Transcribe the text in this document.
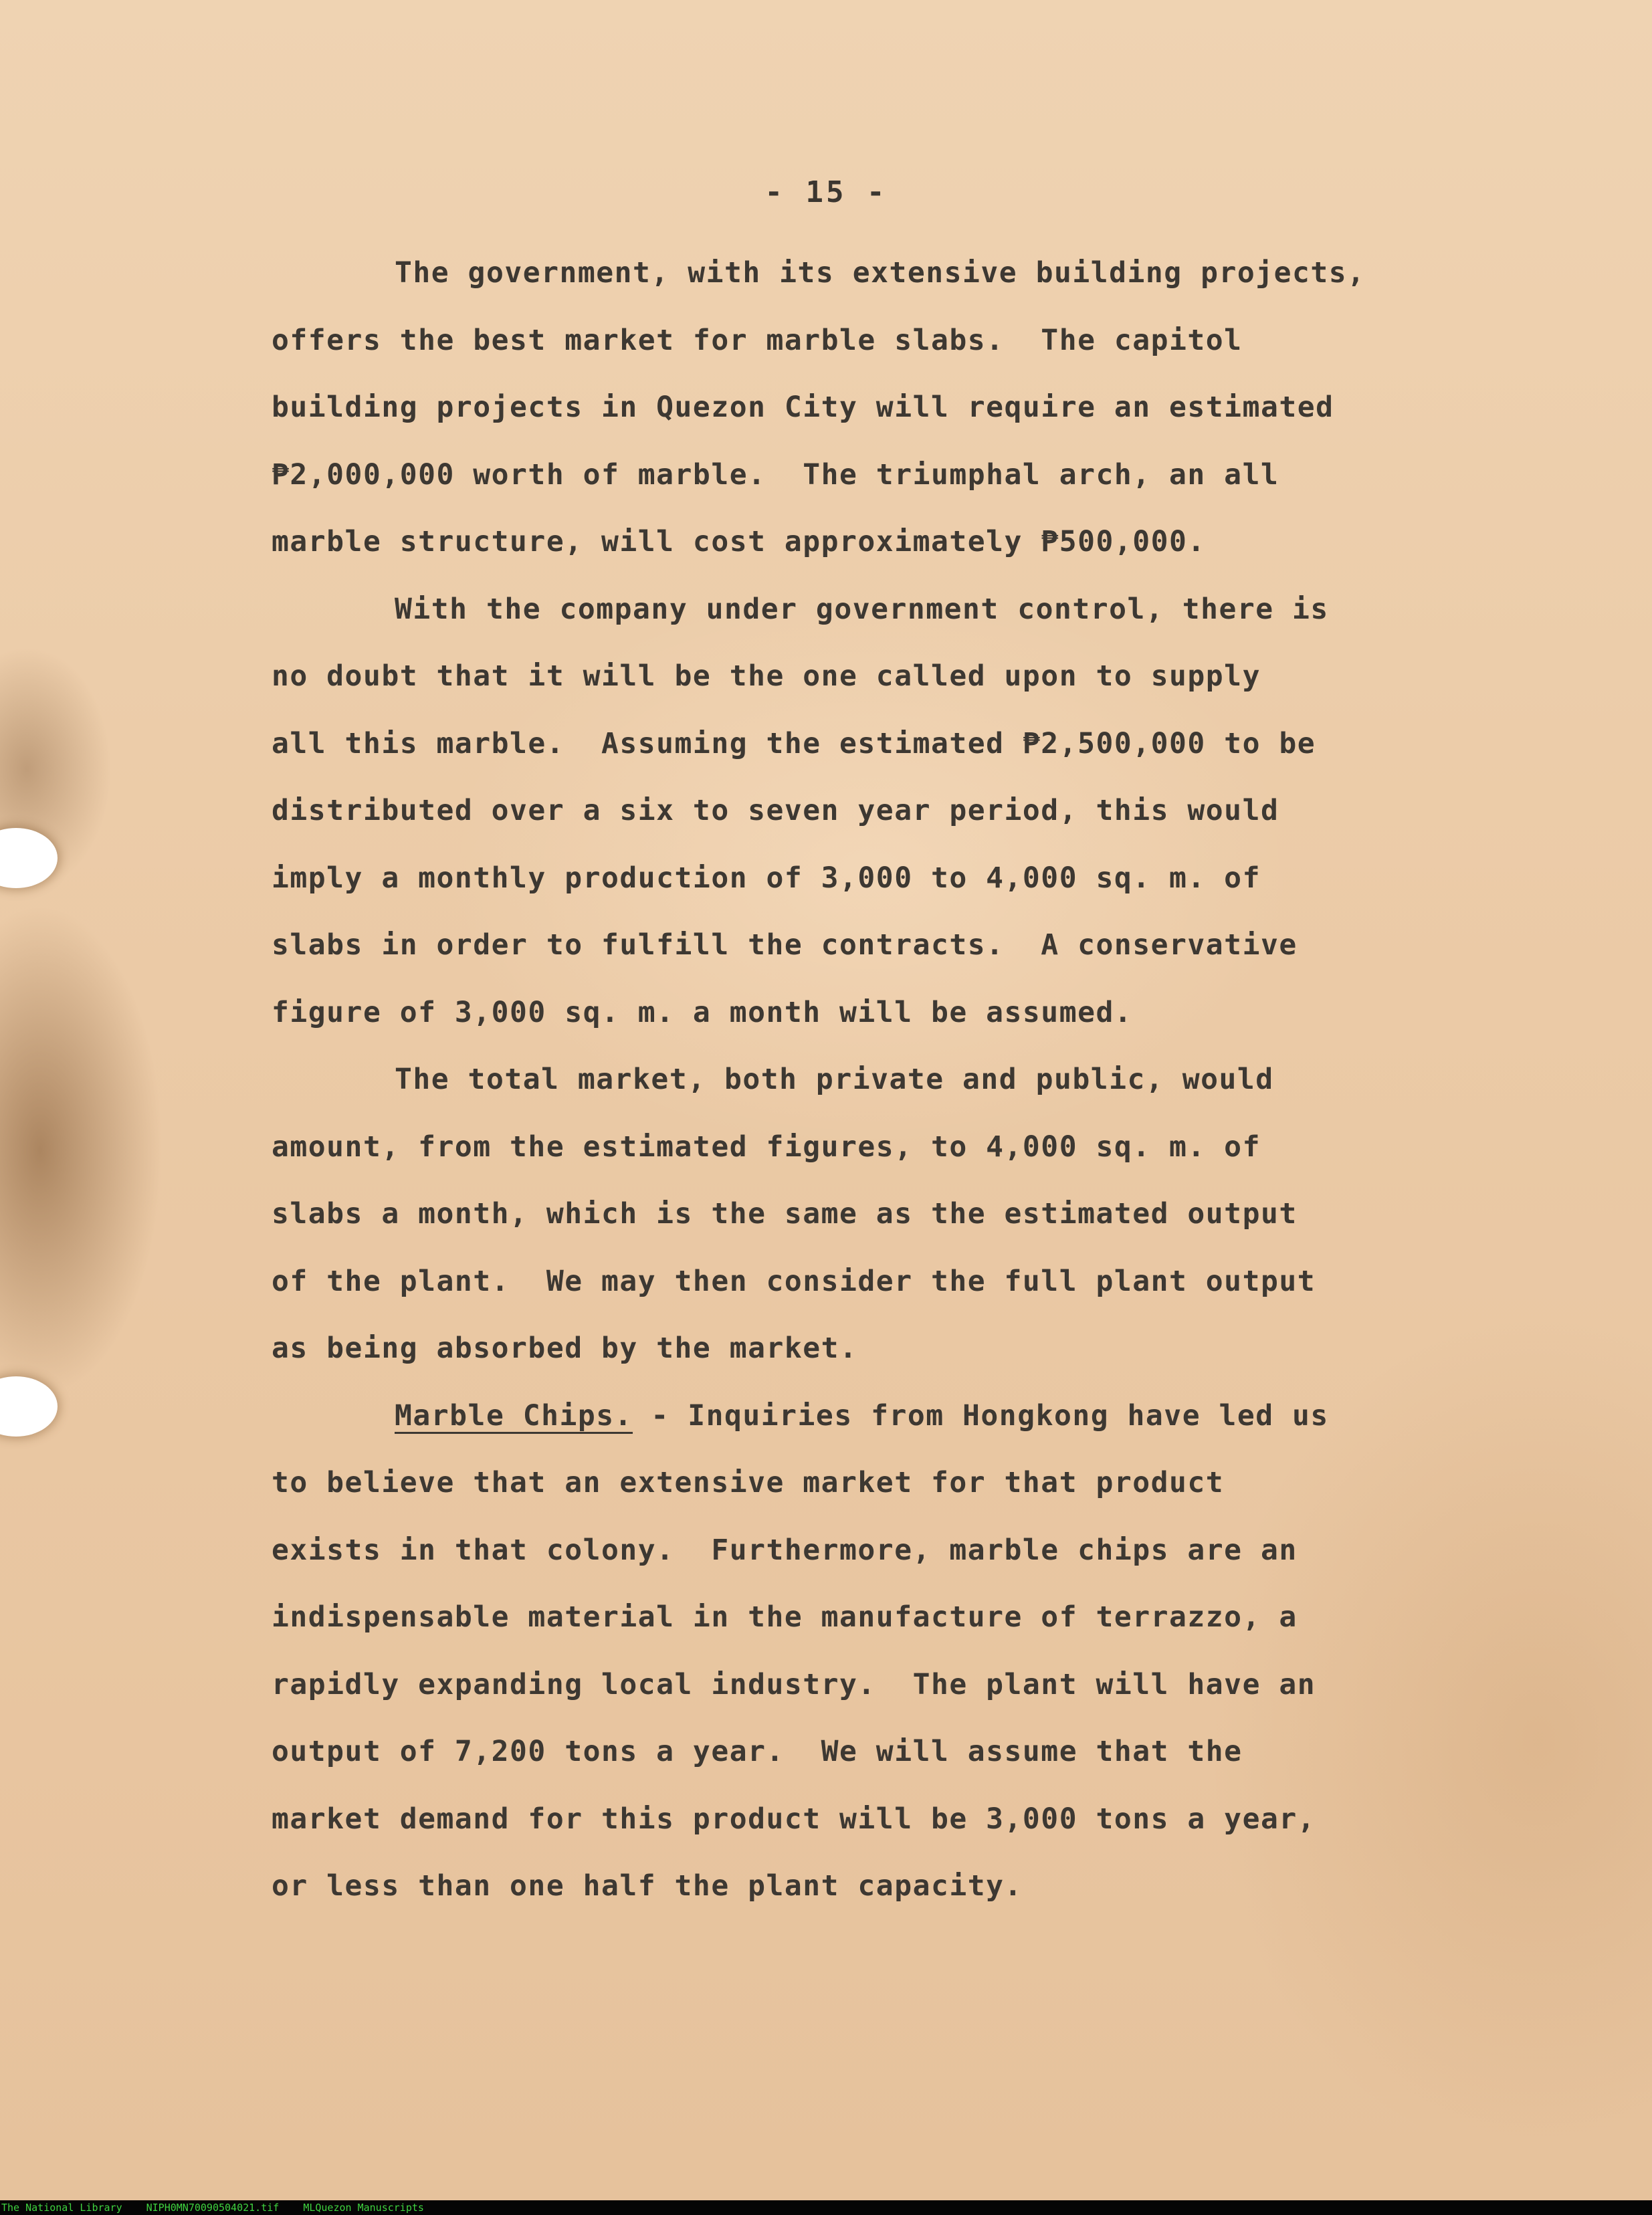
- 15 -
The government, with its extensive building projects,
offers the best market for marble slabs.  The capitol
building projects in Quezon City will require an estimated
₱2,000,000 worth of marble.  The triumphal arch, an all
marble structure, will cost approximately ₱500,000.
With the company under government control, there is
no doubt that it will be the one called upon to supply
all this marble.  Assuming the estimated ₱2,500,000 to be
distributed over a six to seven year period, this would
imply a monthly production of 3,000 to 4,000 sq. m. of
slabs in order to fulfill the contracts.  A conservative
figure of 3,000 sq. m. a month will be assumed.
The total market, both private and public, would
amount, from the estimated figures, to 4,000 sq. m. of
slabs a month, which is the same as the estimated output
of the plant.  We may then consider the full plant output
as being absorbed by the market.
Marble Chips. - Inquiries from Hongkong have led us
to believe that an extensive market for that product
exists in that colony.  Furthermore, marble chips are an
indispensable material in the manufacture of terrazzo, a
rapidly expanding local industry.  The plant will have an
output of 7,200 tons a year.  We will assume that the
market demand for this product will be 3,000 tons a year,
or less than one half the plant capacity.
The National Library NIPH0MN70090504021.tif MLQuezon Manuscripts
